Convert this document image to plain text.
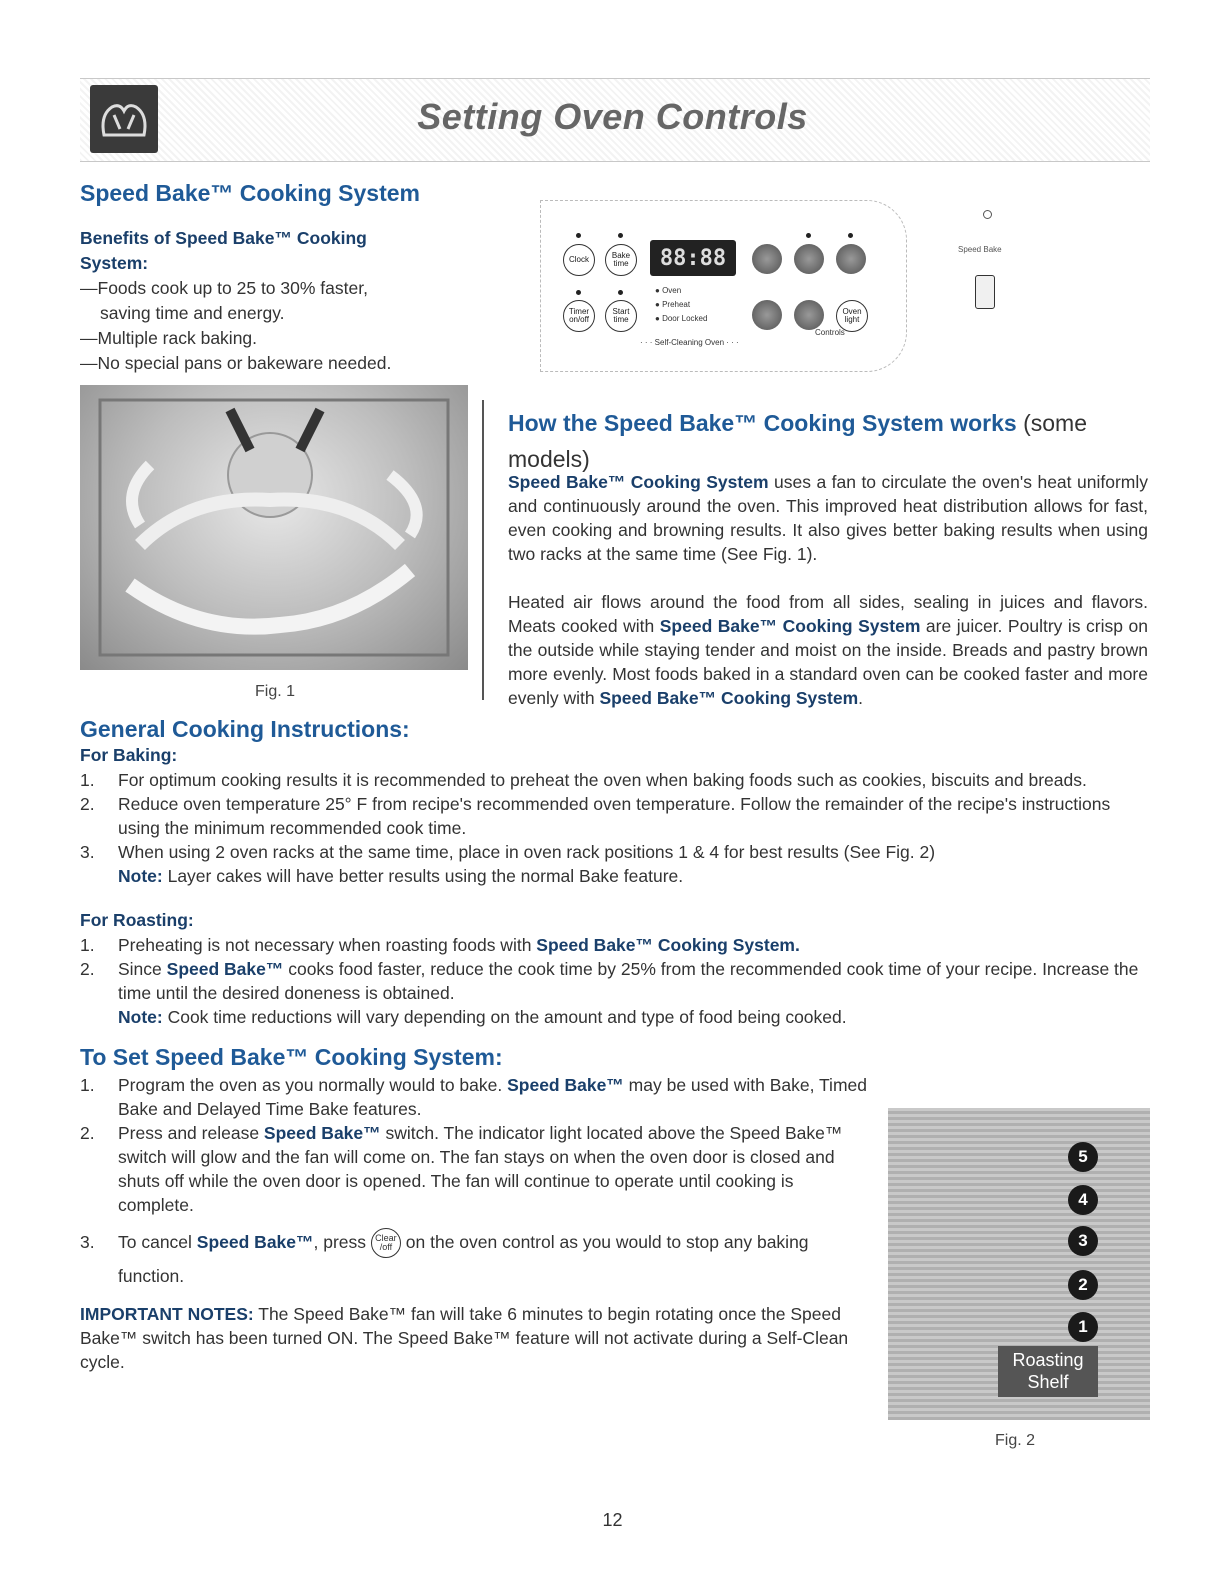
Setting Oven Controls
Speed Bake™ Cooking System
Benefits of Speed Bake™ Cooking System:
—Foods cook up to 25 to 30% faster,
saving time and energy.
—Multiple rack baking.
—No special pans or bakeware needed.
Clock	Bake time	88:88
Timer on/off
Start time
● Oven
● Preheat
● Door Locked
Oven light
· · · Self-Cleaning Oven · · ·
Controls
Speed Bake
Fig. 1
How the Speed Bake™ Cooking System works (some models)
Speed Bake™ Cooking System uses a fan to circulate the oven's heat uniformly and continuously around the oven. This improved heat distribution allows for fast, even cooking and browning results. It also gives better baking results when using two racks at the same time (See Fig. 1).
Heated air flows around the food from all sides, sealing in juices and flavors. Meats cooked with Speed Bake™ Cooking System are juicer. Poultry is crisp on the outside while staying tender and moist on the inside. Breads and pastry brown more evenly. Most foods baked in a standard oven can be cooked faster and more evenly with Speed Bake™ Cooking System.
General Cooking Instructions:
For Baking:
1.	For optimum cooking results it is recommended to preheat the oven when baking foods such as cookies, biscuits and breads.
2.	Reduce oven temperature 25° F from recipe's recommended oven temperature. Follow the remainder of the recipe's instructions using the minimum recommended cook time.
3.	When using 2 oven racks at the same time, place in oven rack positions 1 & 4 for best results (See Fig. 2)
Note: Layer cakes will have better results using the normal Bake feature.
For Roasting:
1.	Preheating is not necessary when roasting foods with Speed Bake™ Cooking System.
2.	Since Speed Bake™ cooks food faster, reduce the cook time by 25% from the recommended cook time of your recipe. Increase the time until the desired doneness is obtained.
Note: Cook time reductions will vary depending on the amount and type of food being cooked.
To Set Speed Bake™ Cooking System:
1.	Program the oven as you normally would to bake. Speed Bake™ may be used with Bake, Timed Bake and Delayed Time Bake features.
2.	Press and release Speed Bake™ switch. The indicator light located above the Speed Bake™ switch will glow and the fan will come on. The fan stays on when the oven door is closed and shuts off while the oven door is opened. The fan will continue to operate until cooking is complete.
3.	To cancel Speed Bake™, press Clear /off on the oven control as you would to stop any baking function.
IMPORTANT NOTES: The Speed Bake™ fan will take 6 minutes to begin rotating once the Speed Bake™ switch has been turned ON. The Speed Bake™ feature will not activate during a Self-Clean cycle.
5
4
3
2
1
Roasting Shelf
Fig. 2
12
